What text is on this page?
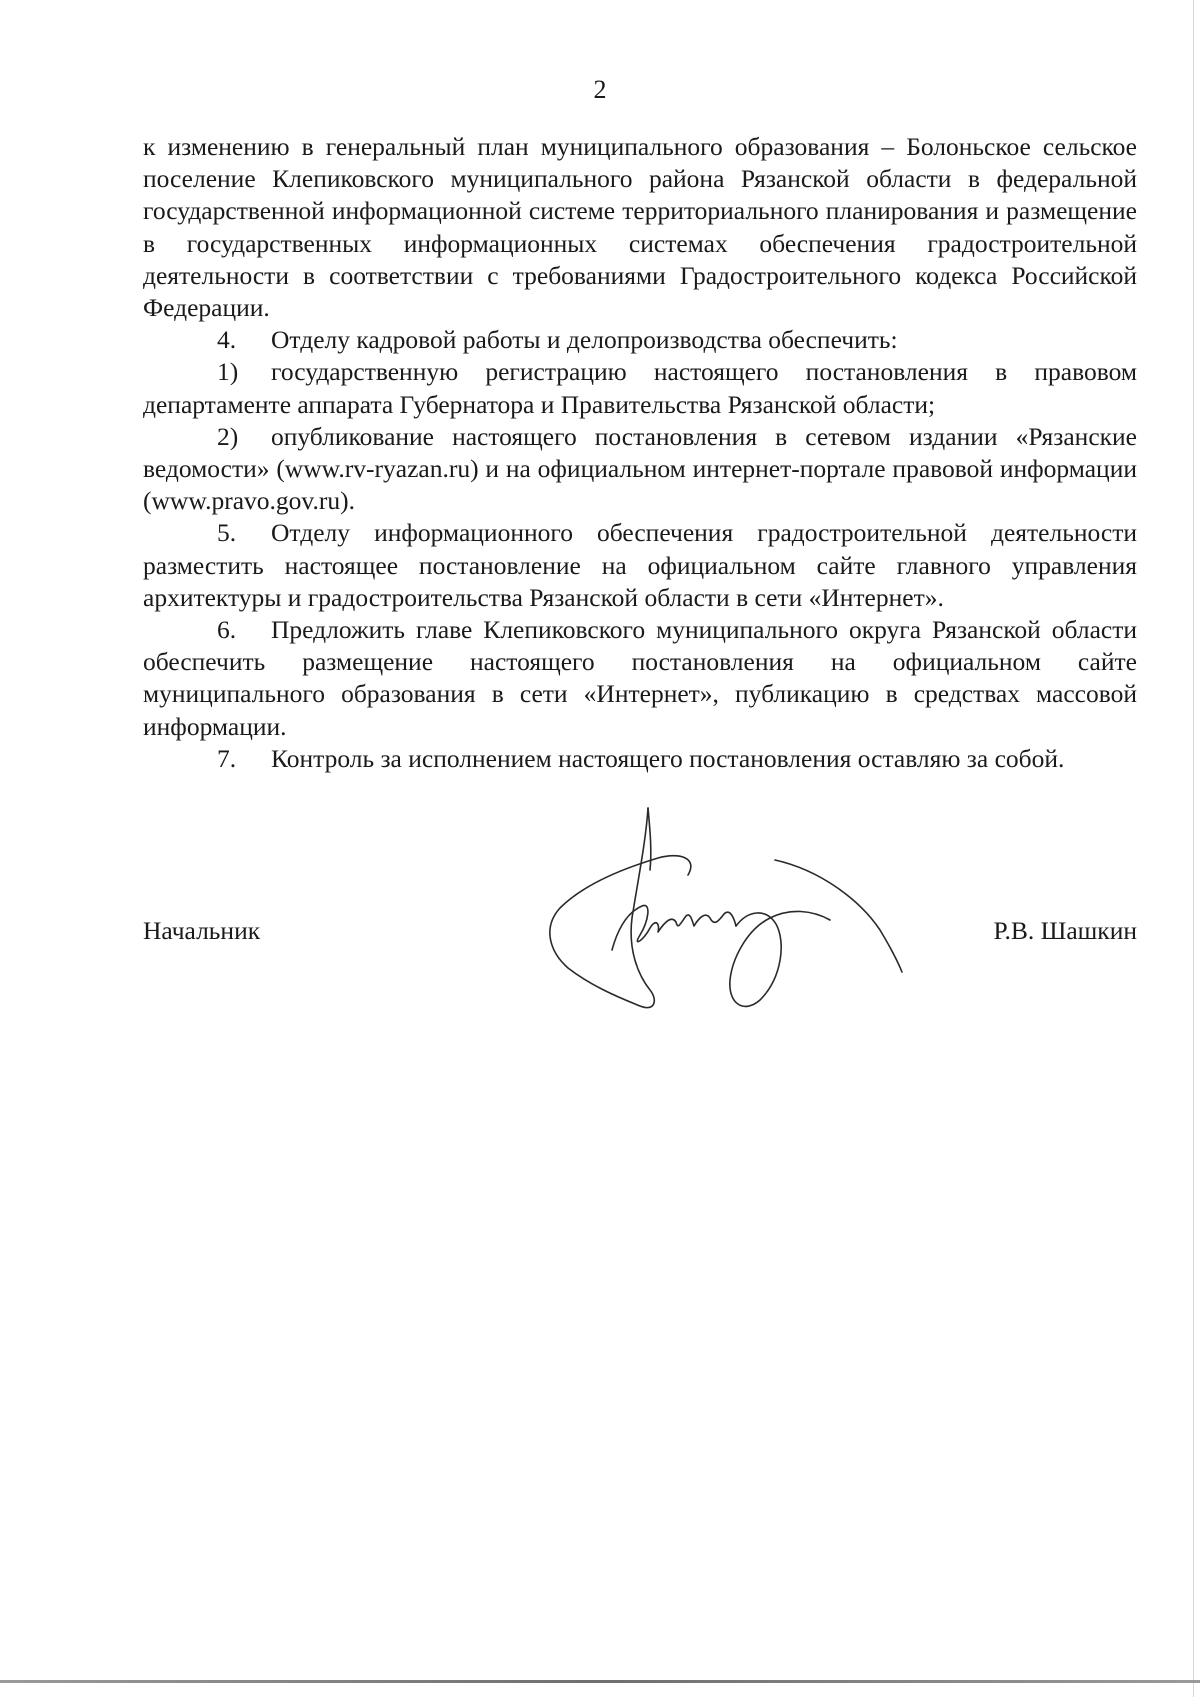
2

к изменению в генеральный план муниципального образования – Болоньское сельское поселение Клепиковского муниципального района Рязанской области в федеральной государственной информационной системе территориального планирования и размещение в государственных информационных системах обеспечения градостроительной деятельности в соответствии с требованиями Градостроительного кодекса Российской Федерации.

4. Отделу кадровой работы и делопроизводства обеспечить:

1) государственную регистрацию настоящего постановления в правовом департаменте аппарата Губернатора и Правительства Рязанской области;

2) опубликование настоящего постановления в сетевом издании «Рязанские ведомости» (www.rv-ryazan.ru) и на официальном интернет-портале правовой информации (www.pravo.gov.ru).

5. Отделу информационного обеспечения градостроительной деятельности разместить настоящее постановление на официальном сайте главного управления архитектуры и градостроительства Рязанской области в сети «Интернет».

6. Предложить главе Клепиковского муниципального округа Рязанской области обеспечить размещение настоящего постановления на официальном сайте муниципального образования в сети «Интернет», публикацию в средствах массовой информации.

7. Контроль за исполнением настоящего постановления оставляю за собой.

Начальник	Р.В. Шашкин
